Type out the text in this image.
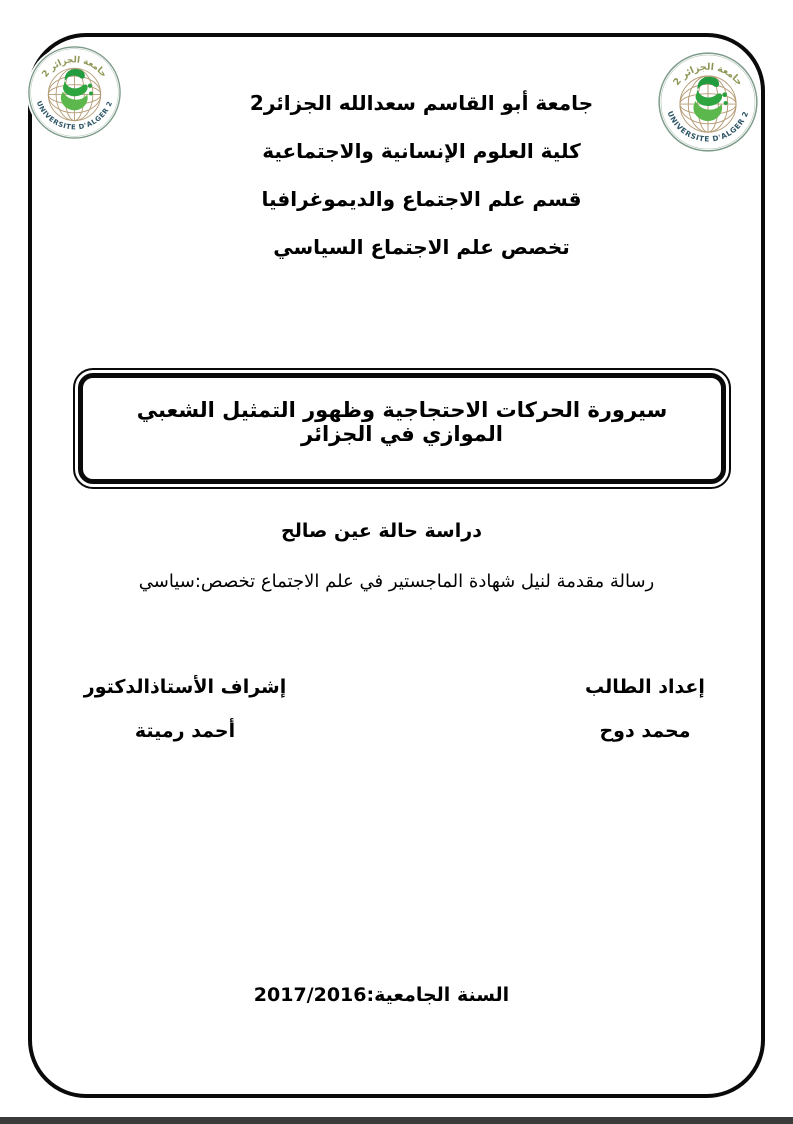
جامعة الجزائر 2
UNIVERSITE D'ALGER 2
جامعة الجزائر 2
UNIVERSITE D'ALGER 2
جامعة أبو القاسم سعدالله الجزائر2
كلية العلوم الإنسانية والاجتماعية
قسم علم الاجتماع والديموغرافيا
تخصص علم الاجتماع السياسي
سيرورة الحركات الاحتجاجية وظهور التمثيل الشعبي الموازي في الجزائر
دراسة حالة عين صالح
رسالة مقدمة لنيل شهادة الماجستير في علم الاجتماع تخصص:سياسي
إعداد الطالب
محمد دوح
إشراف الأستاذالدكتور
أحمد رميتة
السنة الجامعية:2017/2016
